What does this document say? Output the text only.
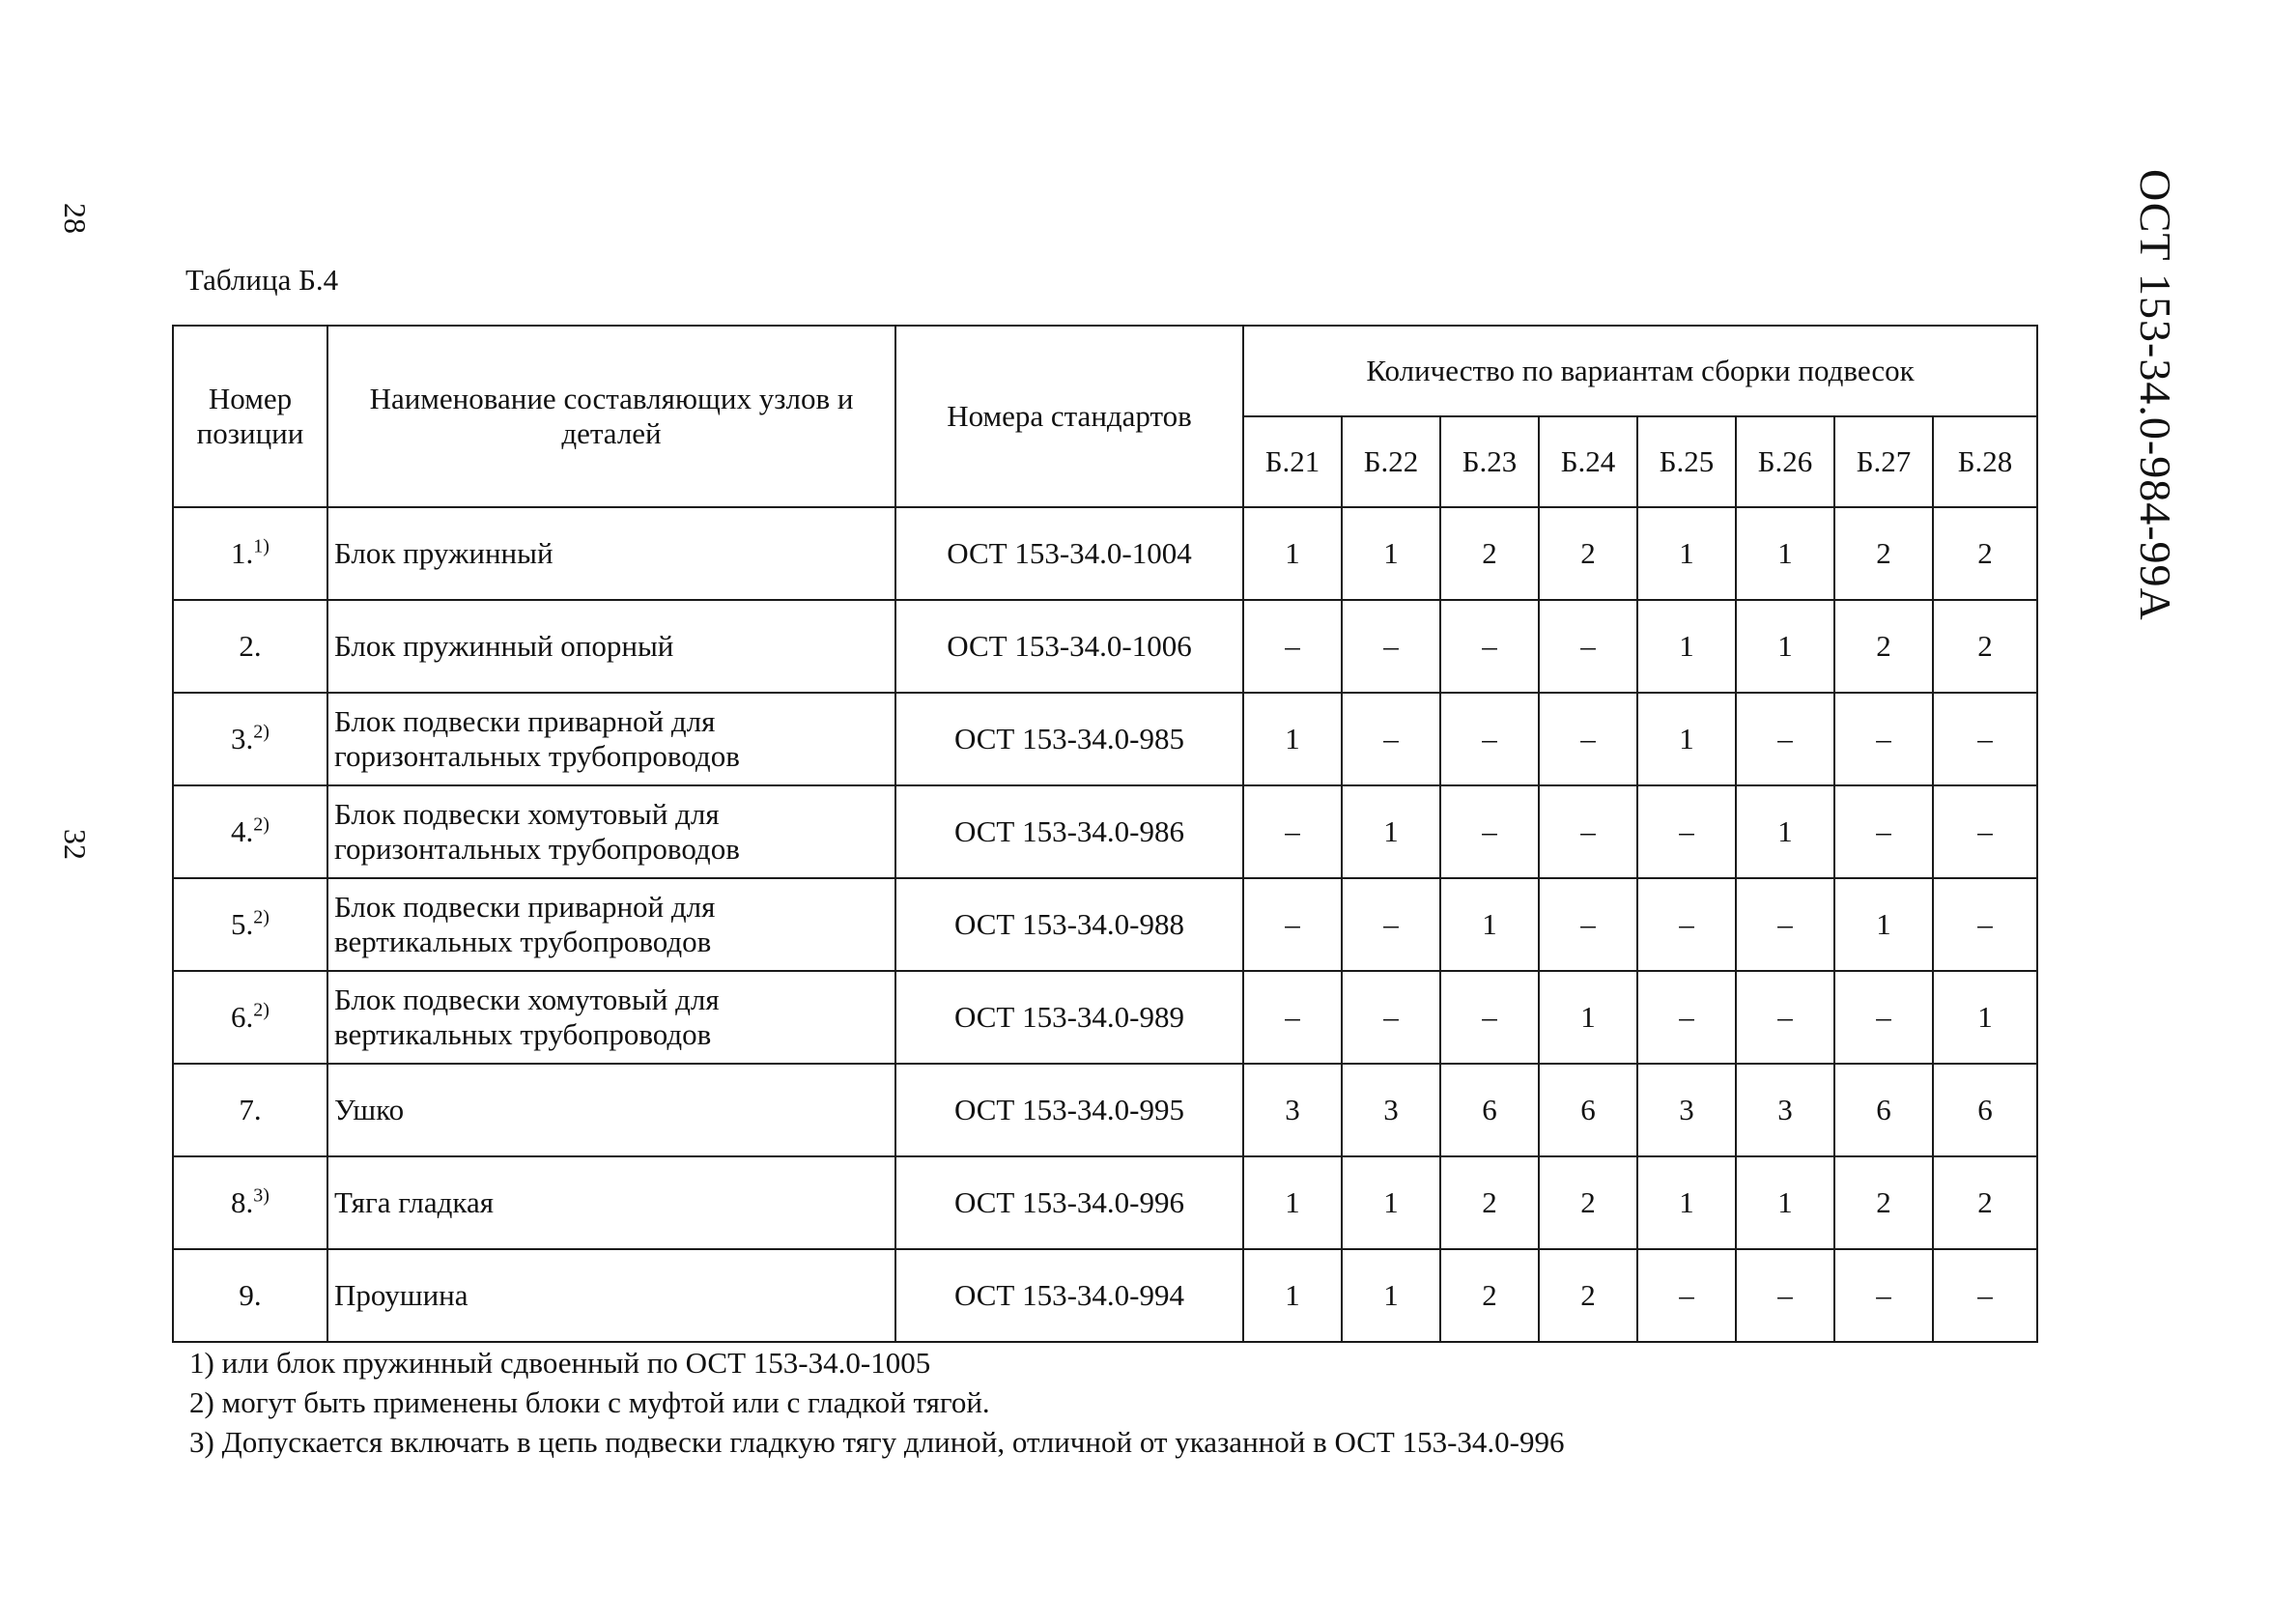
28
32
ОСТ 153-34.0-984-99А
Таблица Б.4
Номер позиции	Наименование составляющих узлов и деталей	Номера стандартов	Количество по вариантам сборки подвесок							
			Б.21	Б.22	Б.23	Б.24	Б.25	Б.26	Б.27	Б.28
1.$^{1)}$	Блок пружинный	ОСТ 153-34.0-1004	1	1	2	2	1	1	2	2
2.	Блок пружинный опорный	ОСТ 153-34.0-1006	–	–	–	–	1	1	2	2
3.$^{2)}$	Блок подвески приварной для горизонтальных трубопроводов	ОСТ 153-34.0-985	1	–	–	–	1	–	–	–
4.$^{2)}$	Блок подвески хомутовый для горизонтальных трубопроводов	ОСТ 153-34.0-986	–	1	–	–	–	1	–	–
5.$^{2)}$	Блок подвески приварной для вертикальных трубопроводов	ОСТ 153-34.0-988	–	–	1	–	–	–	1	–
6.$^{2)}$	Блок подвески хомутовый для вертикальных трубопроводов	ОСТ 153-34.0-989	–	–	–	1	–	–	–	1
7.	Ушко	ОСТ 153-34.0-995	3	3	6	6	3	3	6	6
8.$^{3)}$	Тяга гладкая	ОСТ 153-34.0-996	1	1	2	2	1	1	2	2
9.	Проушина	ОСТ 153-34.0-994	1	1	2	2	–	–	–	–
1) или блок пружинный сдвоенный по ОСТ 153-34.0-1005
2) могут быть применены блоки с муфтой или с гладкой тягой.
3) Допускается включать в цепь подвески гладкую тягу длиной, отличной от указанной в ОСТ 153-34.0-996
